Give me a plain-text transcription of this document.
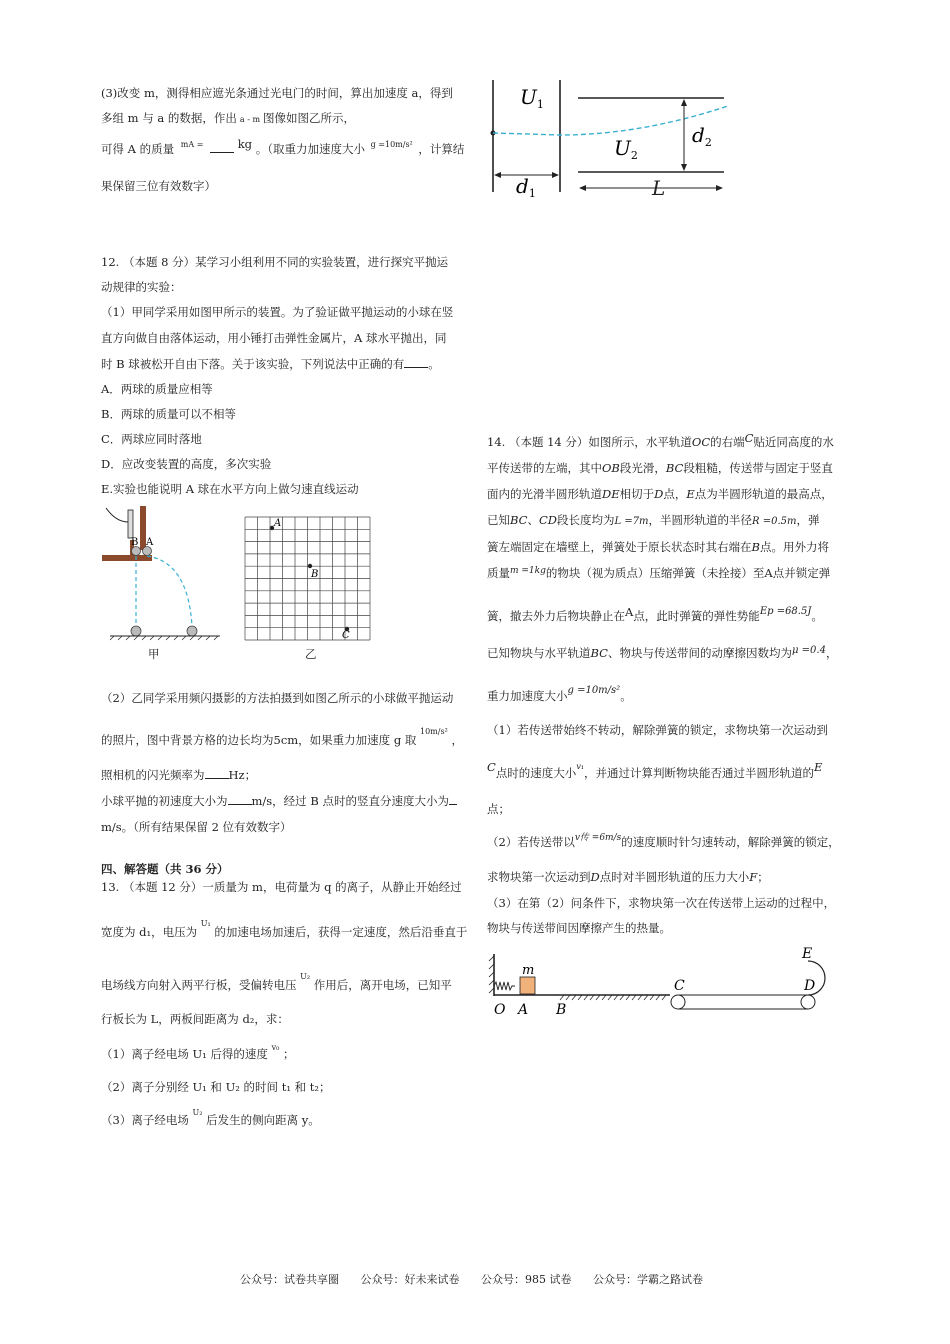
(3)改变 m，测得相应遮光条通过光电门的时间，算出加速度 a，得到
多组 m 与 a 的数据，作出 a - m 图像如图乙所示，
可得 A 的质量 $^{mA =}$	kg 。（取重力加速度大小 $^{g =10m/s^2}$ ，计算结
果保留三位有效数字）
12. （本题 8 分）某学习小组利用不同的实验装置，进行探究平抛运
动规律的实验：
（1）甲同学采用如图甲所示的装置。为了验证做平抛运动的小球在竖
直方向做自由落体运动，用小锤打击弹性金属片，A 球水平抛出，同
时 B 球被松开自由下落。关于该实验，下列说法中正确的有 。
A．两球的质量应相等
B．两球的质量可以不相等
C．两球应同时落地
D．应改变装置的高度，多次实验
E.实验也能说明 A 球在水平方向上做匀速直线运动
B A
甲
A
B
C
乙
（2）乙同学采用频闪摄影的方法拍摄到如图乙所示的小球做平抛运动
的照片，图中背景方格的边长均为5cm，如果重力加速度 g 取 $^{10m/s^2}$ ，
照相机的闪光频率为 Hz；
小球平抛的初速度大小为 m/s，经过 B 点时的竖直分速度大小为
m/s。（所有结果保留 2 位有效数字）
四、解答题（共 36 分）
13. （本题 12 分）一质量为 m，电荷量为 q 的离子，从静止开始经过
宽度为 d₁，电压为 $^{U_1}$ 的加速电场加速后，获得一定速度，然后沿垂直于
电场线方向射入两平行板，受偏转电压 $^{U_2}$ 作用后，离开电场，已知平
行板长为 L，两板间距离为 d₂，求：
（1）离子经电场 U₁ 后得的速度 $^{v_0}$ ；
（2）离子分别经 U₁ 和 U₂ 的时间 t₁ 和 t₂；
（3）离子经电场 $^{U_2}$ 后发生的侧向距离 y。
$U_1$
$U_2$
$d_2$
$d_1$	L
14. （本题 14 分）如图所示，水平轨道OC的右端C贴近同高度的水
平传送带的左端，其中OB段光滑，BC段粗糙，传送带与固定于竖直
面内的光滑半圆形轨道DE相切于D点，E点为半圆形轨道的最高点，
已知BC、CD段长度均为L =7m，半圆形轨道的半径R =0.5m，弹
簧左端固定在墙壁上，弹簧处于原长状态时其右端在B点。用外力将
质量$^{m =1kg}$的物块（视为质点）压缩弹簧（未拴接）至A点并锁定弹
簧，撤去外力后物块静止在A点，此时弹簧的弹性势能Ep =68.5J。
已知物块与水平轨道BC、物块与传送带间的动摩擦因数均为μ =0.4，
重力加速度大小g =10m/s²。
（1）若传送带始终不转动，解除弹簧的锁定，求物块第一次运动到
C点时的速度大小$^{v_1}$，并通过计算判断物块能否通过半圆形轨道的E
点；
（2）若传送带以$^{v传 =6m/s}$的速度顺时针匀速转动，解除弹簧的锁定，
求物块第一次运动到D点时对半圆形轨道的压力大小F；
（3）在第（2）问条件下，求物块第一次在传送带上运动的过程中，
物块与传送带间因摩擦产生的热量。
m
E
C	D
O A B
公众号：试卷共享圈 公众号：好未来试卷 公众号：985 试卷 公众号：学霸之路试卷
